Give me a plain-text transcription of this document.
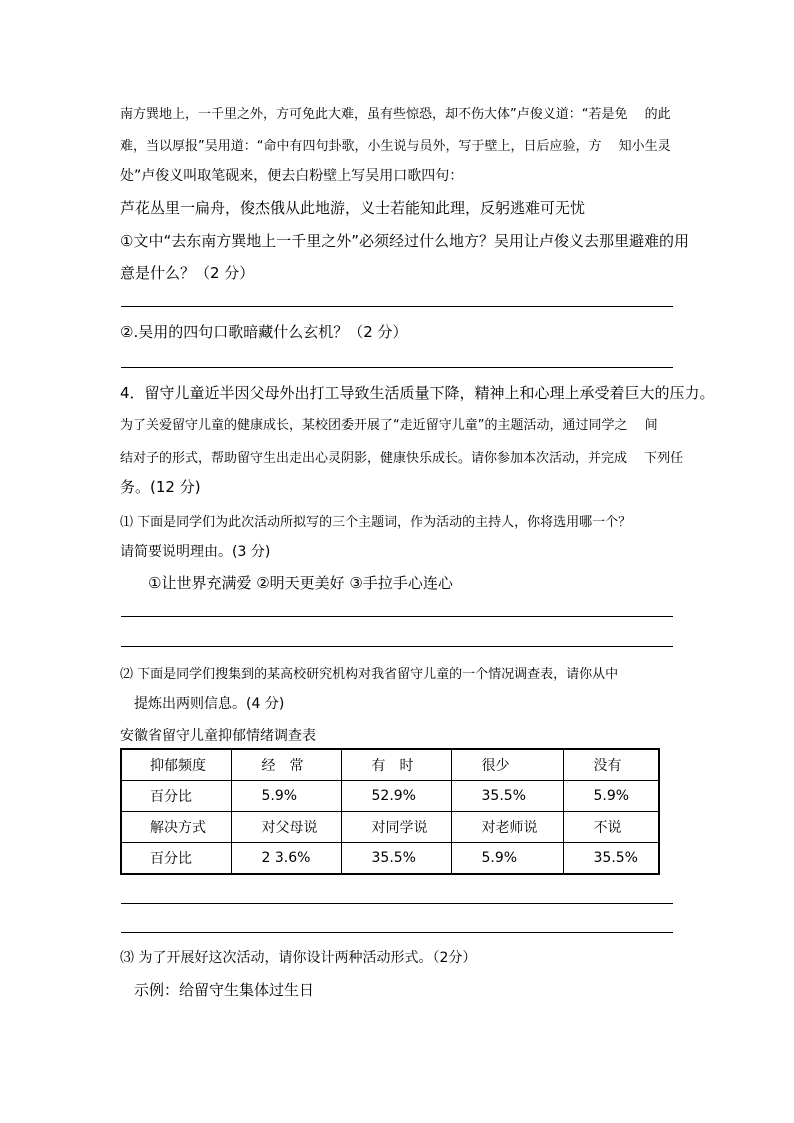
南方巽地上，一千里之外，方可免此大难，虽有些惊恐，却不伤大体”卢俊义道：“若是免　 的此
难，当以厚报”吴用道：“命中有四句卦歌，小生说与员外，写于壁上，日后应验，方　 知小生灵
处”卢俊义叫取笔砚来，便去白粉壁上写吴用口歌四句：
芦花丛里一扁舟，俊杰俄从此地游，义士若能知此理，反躬逃难可无忧
①文中“去东南方巽地上一千里之外”必须经过什么地方？吴用让卢俊义去那里避难的用
意是什么？（2 分）
②.吴用的四句口歌暗藏什么玄机？（2 分）
4．留守儿童近半因父母外出打工导致生活质量下降，精神上和心理上承受着巨大的压力。
为了关爱留守儿童的健康成长，某校团委开展了“走近留守儿童”的主题活动，通过同学之　 间
结对子的形式，帮助留守生出走出心灵阴影，健康快乐成长。请你参加本次活动，并完成　 下列任
务。(12 分)
⑴ 下面是同学们为此次活动所拟写的三个主题词，作为活动的主持人，你将选用哪一个？
请简要说明理由。(3 分)
①让世界充满爱 ②明天更美好 ③手拉手心连心
⑵ 下面是同学们搜集到的某高校研究机构对我省留守儿童的一个情况调查表，请你从中
提炼出两则信息。(4 分)
安徽省留守儿童抑郁情绪调查表
抑郁频度	经　常	有　时	很少	没有
百分比	5.9%	52.9%	35.5%	5.9%
解决方式	对父母说	对同学说	对老师说	不说
百分比	2 3.6%	35.5%	5.9%	35.5%
⑶ 为了开展好这次活动，请你设计两种活动形式。（2分）
示例：给留守生集体过生日
